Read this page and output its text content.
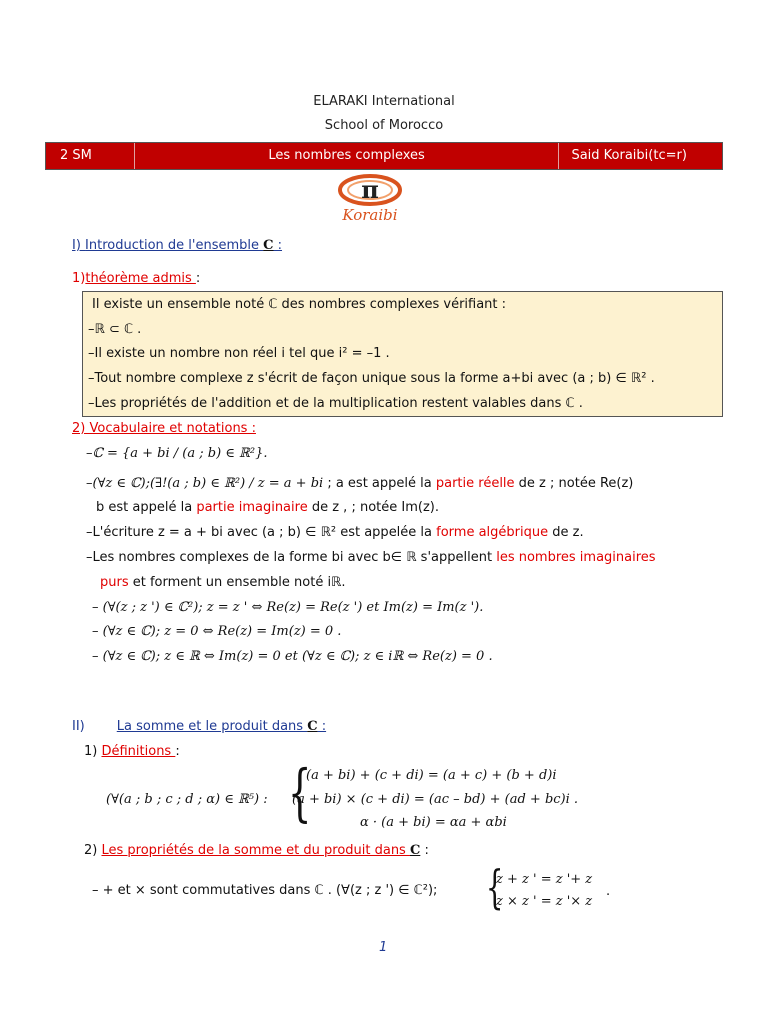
ELARAKI International
School of Morocco
2 SM	Les nombres complexes	Said Koraibi(tc=r)
π
Koraibi
I) Introduction de l'ensemble C :
1)théorème admis :
Il existe un ensemble noté ℂ des nombres complexes vérifiant :
–ℝ ⊂ ℂ .
–Il existe un nombre non réel i tel que i² = –1 .
–Tout nombre complexe z s'écrit de façon unique sous la forme a+bi avec (a ; b) ∈ ℝ² .
–Les propriétés de l'addition et de la multiplication restent valables dans ℂ .
2) Vocabulaire et notations :
–ℂ = {a + bi / (a ; b) ∈ ℝ²}.
–(∀z ∈ ℂ);(∃!(a ; b) ∈ ℝ²) / z = a + bi ; a est appelé la partie réelle de z ; notée Re(z)
b est appelé la partie imaginaire de z , ; notée Im(z).
–L'écriture z = a + bi avec (a ; b) ∈ ℝ² est appelée la forme algébrique de z.
–Les nombres complexes de la forme bi avec b∈ ℝ s'appellent les nombres imaginaires
purs et forment un ensemble noté iℝ.
– (∀(z ; z ') ∈ ℂ²); z = z ' ⇔ Re(z) = Re(z ') et Im(z) = Im(z ').
– (∀z ∈ ℂ); z = 0 ⇔ Re(z) = Im(z) = 0 .
– (∀z ∈ ℂ); z ∈ ℝ ⇔ Im(z) = 0 et (∀z ∈ ℂ); z ∈ iℝ ⇔ Re(z) = 0 .
II) La somme et le produit dans C :
1) Définitions :
(∀(a ; b ; c ; d ; α) ∈ ℝ⁵) : {
(a + bi) + (c + di) = (a + c) + (b + d)i
(a + bi) × (c + di) = (ac – bd) + (ad + bc)i .
α · (a + bi) = αa + αbi
2) Les propriétés de la somme et du produit dans C :
– + et × sont commutatives dans ℂ . (∀(z ; z ') ∈ ℂ²); {
z + z ' = z '+ z
z × z ' = z '× z
.
1
